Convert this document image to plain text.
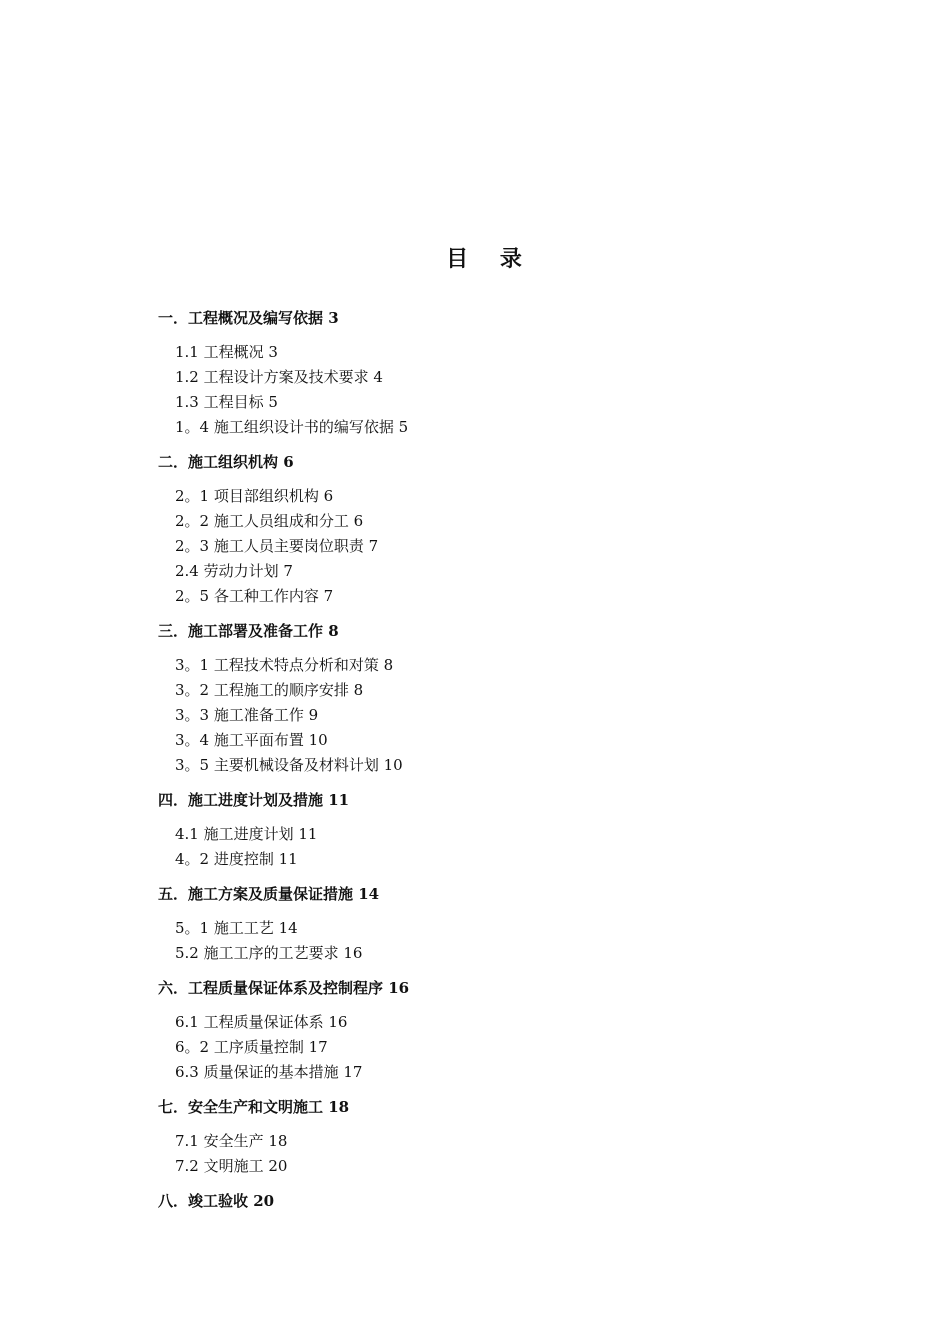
目 录
一．工程概况及编写依据 3
1.1 工程概况 3
1.2 工程设计方案及技术要求 4
1.3 工程目标 5
1。4 施工组织设计书的编写依据 5
二．施工组织机构 6
2。1 项目部组织机构 6
2。2 施工人员组成和分工 6
2。3 施工人员主要岗位职责 7
2.4 劳动力计划 7
2。5 各工种工作内容 7
三．施工部署及准备工作 8
3。1 工程技术特点分析和对策 8
3。2 工程施工的顺序安排 8
3。3 施工准备工作 9
3。4 施工平面布置 10
3。5 主要机械设备及材料计划 10
四．施工进度计划及措施 11
4.1 施工进度计划 11
4。2 进度控制 11
五．施工方案及质量保证措施 14
5。1 施工工艺 14
5.2 施工工序的工艺要求 16
六．工程质量保证体系及控制程序 16
6.1 工程质量保证体系 16
6。2 工序质量控制 17
6.3 质量保证的基本措施 17
七．安全生产和文明施工 18
7.1 安全生产 18
7.2 文明施工 20
八．竣工验收 20
